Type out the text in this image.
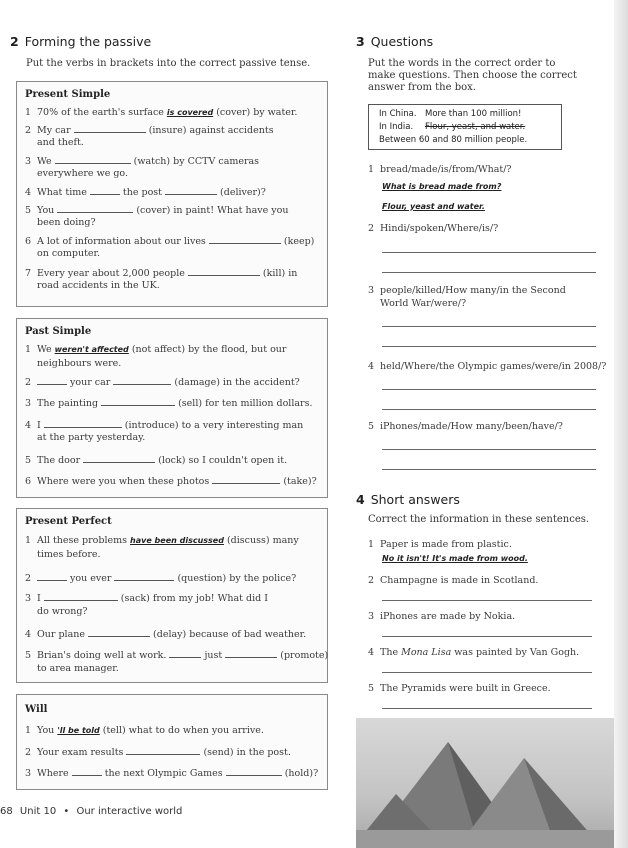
2 Forming the passive
Put the verbs in brackets into the correct passive tense.
Present Simple
1 70% of the earth's surface is covered (cover) by water.
2 My car	(insure) against accidents
and theft.
3 We	(watch) by CCTV cameras
everywhere we go.
4 What time	the post	(deliver)?
5 You	(cover) in paint! What have you
been doing?
6 A lot of information about our lives	(keep)
on computer.
7 Every year about 2,000 people	(kill) in
road accidents in the UK.
Past Simple
1 We weren't affected (not affect) by the flood, but our
neighbours were.
2	your car	(damage) in the accident?
3 The painting	(sell) for ten million dollars.
4 I	(introduce) to a very interesting man
at the party yesterday.
5 The door	(lock) so I couldn't open it.
6 Where were you when these photos	(take)?
Present Perfect
1 All these problems have been discussed (discuss) many
times before.
2	you ever	(question) by the police?
3 I	(sack) from my job! What did I
do wrong?
4 Our plane	(delay) because of bad weather.
5 Brian's doing well at work.	just	(promote)
to area manager.
Will
1 You 'll be told (tell) what to do when you arrive.
2 Your exam results	(send) in the post.
3 Where	the next Olympic Games	(hold)?
3 Questions
Put the words in the correct order to
make questions. Then choose the correct
answer from the box.
In China. More than 100 million!
In India. Flour, yeast, and water.
Between 60 and 80 million people.
1 bread/made/is/from/What/?
What is bread made from?
Flour, yeast and water.
2 Hindi/spoken/Where/is/?
3 people/killed/How many/in the Second
World War/were/?
4 held/Where/the Olympic games/were/in 2008/?
5 iPhones/made/How many/been/have/?
4 Short answers
Correct the information in these sentences.
1 Paper is made from plastic.
No it isn't! It's made from wood.
2 Champagne is made in Scotland.
3 iPhones are made by Nokia.
4 The Mona Lisa was painted by Van Gogh.
5 The Pyramids were built in Greece.
68 Unit 10 • Our interactive world
